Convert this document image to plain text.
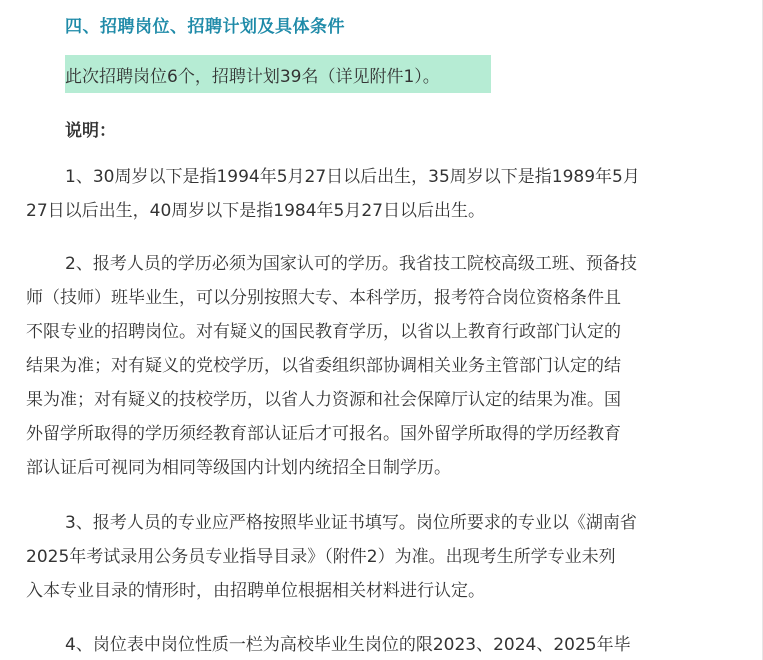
四、招聘岗位、招聘计划及具体条件
此次招聘岗位6个，招聘计划39名（详见附件1）。
说明：
1、30周岁以下是指1994年5月27日以后出生，35周岁以下是指1989年5月
27日以后出生，40周岁以下是指1984年5月27日以后出生。
2、报考人员的学历必须为国家认可的学历。我省技工院校高级工班、预备技
师（技师）班毕业生，可以分别按照大专、本科学历，报考符合岗位资格条件且
不限专业的招聘岗位。对有疑义的国民教育学历，以省以上教育行政部门认定的
结果为准；对有疑义的党校学历，以省委组织部协调相关业务主管部门认定的结
果为准；对有疑义的技校学历，以省人力资源和社会保障厅认定的结果为准。国
外留学所取得的学历须经教育部认证后才可报名。国外留学所取得的学历经教育
部认证后可视同为相同等级国内计划内统招全日制学历。
3、报考人员的专业应严格按照毕业证书填写。岗位所要求的专业以《湖南省
2025年考试录用公务员专业指导目录》（附件2）为准。出现考生所学专业未列
入本专业目录的情形时，由招聘单位根据相关材料进行认定。
4、岗位表中岗位性质一栏为高校毕业生岗位的限2023、2024、2025年毕
